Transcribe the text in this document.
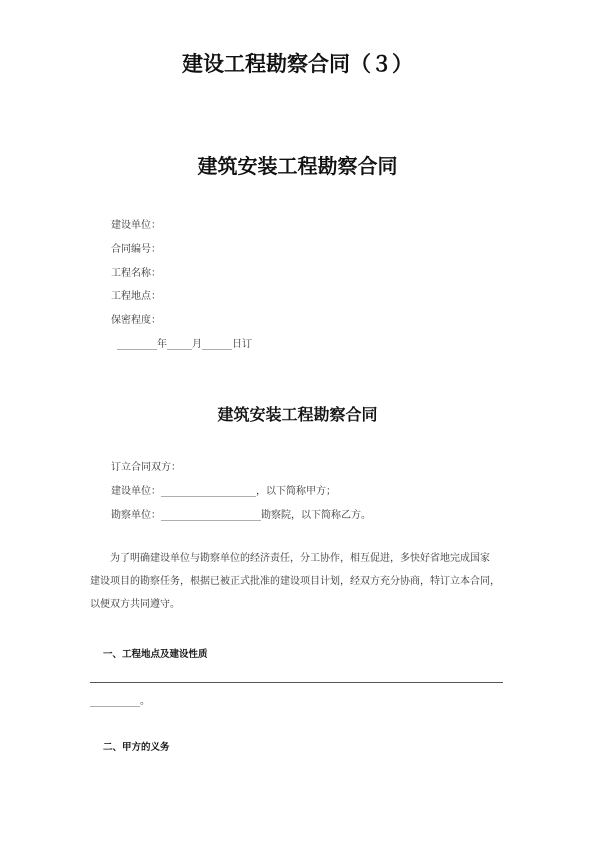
建设工程勘察合同（３）
建筑安装工程勘察合同
建设单位：
合同编号：
工程名称：
工程地点：
保密程度：
________年_____月______日订
建筑安装工程勘察合同
订立合同双方：
建设单位：___________________，以下简称甲方；
勘察单位：____________________勘察院，以下简称乙方。
为了明确建设单位与勘察单位的经济责任，分工协作，相互促进，多快好省地完成国家
建设项目的勘察任务，根据已被正式批准的建设项目计划，经双方充分协商，特订立本合同，
以便双方共同遵守。
一、工程地点及建设性质
__________。
二、甲方的义务
